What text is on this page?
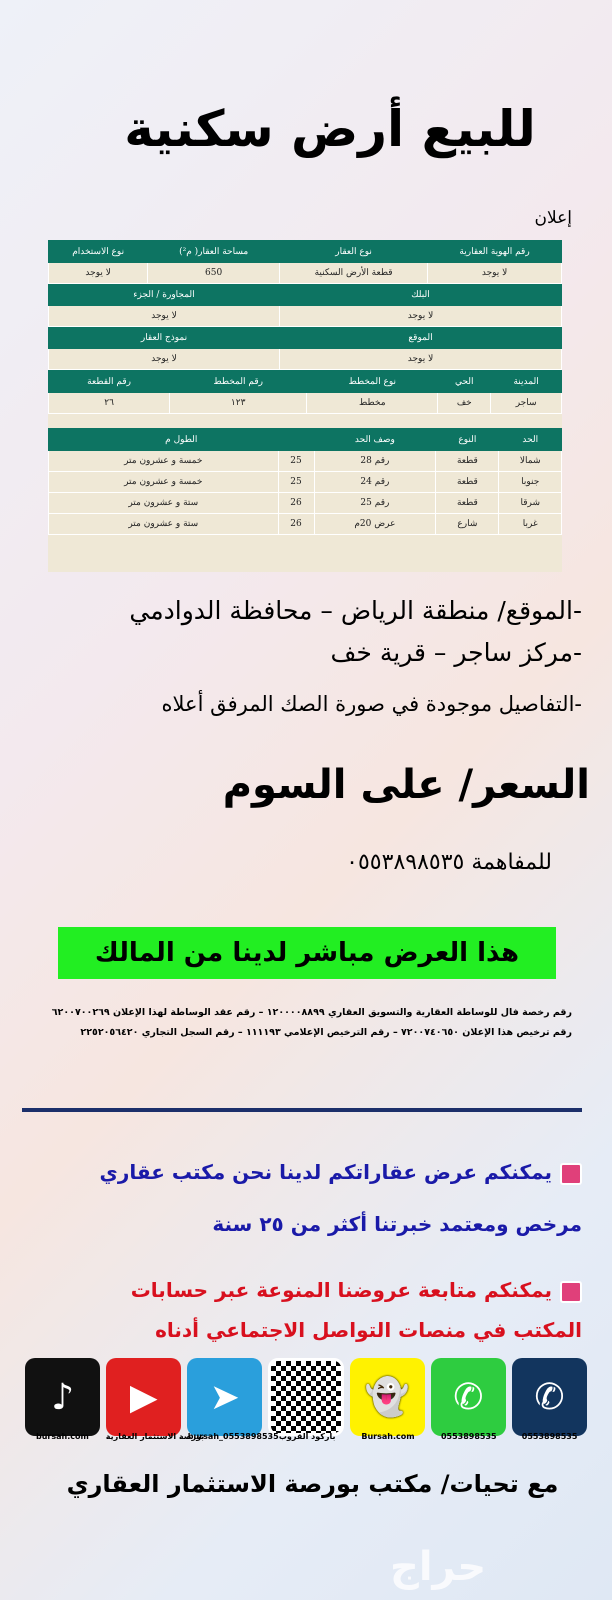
للبيع أرض سكنية
إعلان
رقم الهوية العقارية	نوع العقار	مساحة العقار( م²)	نوع الاستخدام
لا يوجد	قطعة الأرض السكنية	650	لا يوجد
البلك		المجاورة / الجزء	
لا يوجد		لا يوجد	
الموقع		نموذج العقار	
لا يوجد		لا يوجد	
المدينة	الحي	نوع المخطط	رقم المخطط	رقم القطعة
ساجر	خف	مخطط	١٢٣	٢٦
الحد	النوع	وصف الحد	الطول م	
شمالا	قطعة	رقم 28	25	خمسة و عشرون متر
جنوبا	قطعة	رقم 24	25	خمسة و عشرون متر
شرقا	قطعة	رقم 25	26	ستة و عشرون متر
غربا	شارع	عرض 20م	26	ستة و عشرون متر
-الموقع/ منطقة الرياض – محافظة الدوادمي
-مركز ساجر – قرية خف
-التفاصيل موجودة في صورة الصك المرفق أعلاه
السعر/ على السوم
للمفاهمة ٠٥٥٣٨٩٨٥٣٥
هذا العرض مباشر لدينا من المالك
رقم رخصة فال للوساطة العقارية والتسويق العقاري ١٢٠٠٠٠٨٨٩٩ – رقم عقد الوساطة لهذا الإعلان ٦٢٠٠٧٠٠٢٦٩
رقم ترخيص هذا الإعلان ٧٢٠٠٧٤٠٦٥٠ – رقم الترخيص الإعلامي ١١١١٩٣ – رقم السجل التجاري ٢٢٥٢٠٥٦٤٢٠
يمكنكم عرض عقاراتكم لدينا نحن مكتب عقاري
مرخص ومعتمد خبرتنا أكثر من ٢٥ سنة
يمكنكم متابعة عروضنا المنوعة عبر حسابات
المكتب في منصات التواصل الاجتماعي أدناه
♪	▶	➤	👻	✆	✆
bursah.com	بورصة الاستثمار العقارية
bursah_0553898535 باركود القروب	Bursah.com	0553898535	0553898535
مع تحيات/ مكتب بورصة الاستثمار العقاري
حراج
